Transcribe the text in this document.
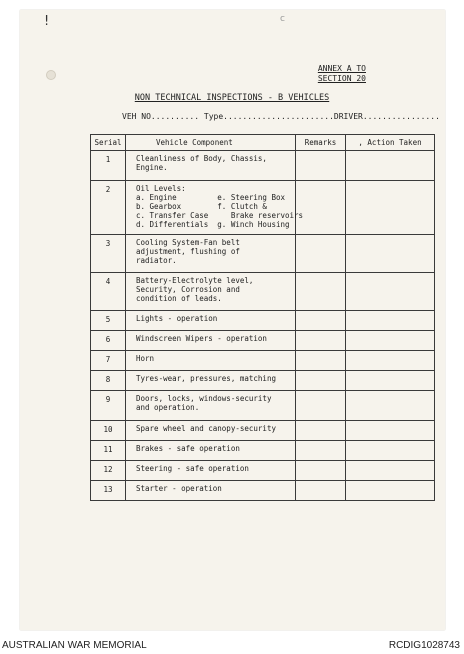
!	c
ANNEX A TO
SECTION 20
NON TECHNICAL INSPECTIONS - B VEHICLES
VEH NO.......... Type.......................DRIVER................
Serial	Vehicle Component	Remarks	, Action Taken
1	Cleanliness of Body, Chassis,
Engine.		
2	Oil Levels:
a. Engine         e. Steering Box
b. Gearbox        f. Clutch &
c. Transfer Case     Brake reservoirs
d. Differentials  g. Winch Housing		
3	Cooling System-Fan belt
adjustment, flushing of
radiator.		
4	Battery-Electrolyte level,
Security, Corrosion and
condition of leads.		
5	Lights - operation		
6	Windscreen Wipers - operation		
7	Horn		
8	Tyres-wear, pressures, matching		
9	Doors, locks, windows-security
and operation.		
10	Spare wheel and canopy-security		
11	Brakes - safe operation		
12	Steering - safe operation		
13	Starter - operation		
AUSTRALIAN WAR MEMORIAL	RCDIG1028743
